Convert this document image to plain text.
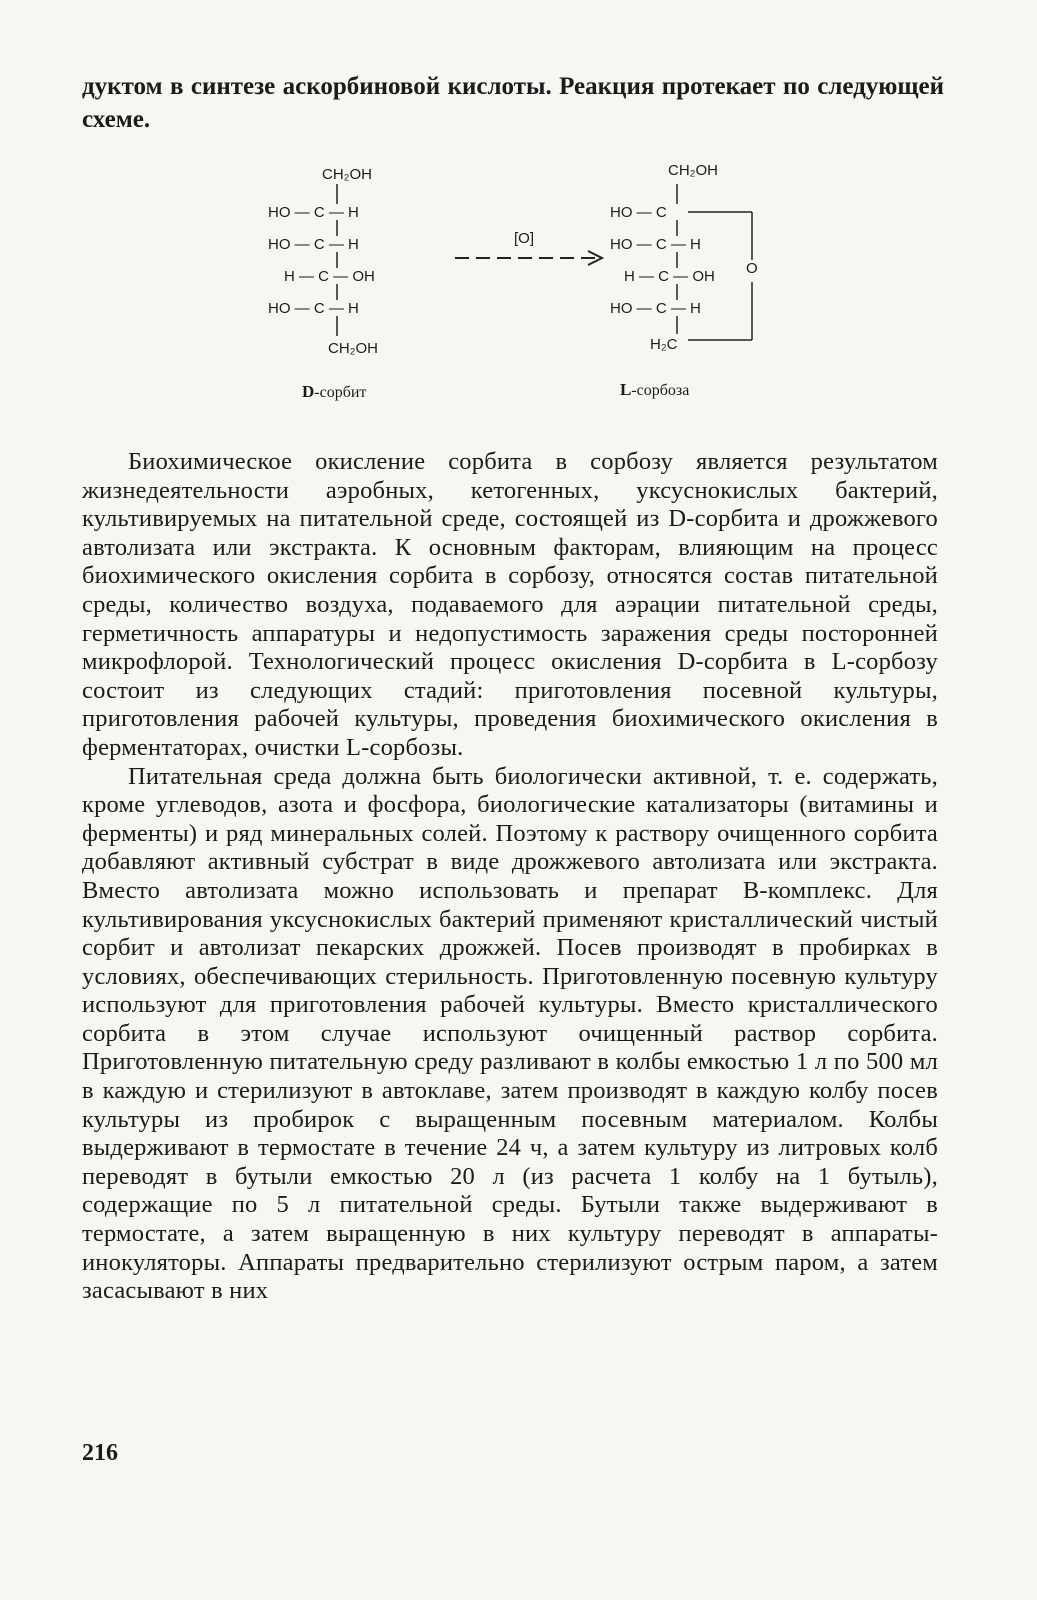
дуктом в синтезе аскорбиновой кислоты. Реакция протекает по следующей схеме.
CH₂OH
HO — C — H
HO — C — H
H — C — OH
HO — C — H
CH₂OH
D-сорбит
[O]
CH₂OH
HO — C
HO — C — H
H — C — OH O
HO — C — H
H₂C
L-сорбоза

Биохимическое окисление сорбита в сорбозу является результатом жизнедеятельности аэробных, кетогенных, уксуснокислых бактерий, культивируемых на питательной среде, состоящей из D-сорбита и дрожжевого автолизата или экстракта. К основным факторам, влияющим на процесс биохимического окисления сорбита в сорбозу, относятся состав питательной среды, количество воздуха, подаваемого для аэрации питательной среды, герметичность аппаратуры и недопустимость заражения среды посторонней микрофлорой. Технологический процесс окисления D-сорбита в L-сорбозу состоит из следующих стадий: приготовления посевной культуры, приготовления рабочей культуры, проведения биохимического окисления в ферментаторах, очистки L-сорбозы.

Питательная среда должна быть биологически активной, т. е. содержать, кроме углеводов, азота и фосфора, биологические катализаторы (витамины и ферменты) и ряд минеральных солей. Поэтому к раствору очищенного сорбита добавляют активный субстрат в виде дрожжевого автолизата или экстракта. Вместо автолизата можно использовать и препарат В-комплекс. Для культивирования уксуснокислых бактерий применяют кристаллический чистый сорбит и автолизат пекарских дрожжей. Посев производят в пробирках в условиях, обеспечивающих стерильность. Приготовленную посевную культуру используют для приготовления рабочей культуры. Вместо кристаллического сорбита в этом случае используют очищенный раствор сорбита. Приготовленную питательную среду разливают в колбы емкостью 1 л по 500 мл в каждую и стерилизуют в автоклаве, затем производят в каждую колбу посев культуры из пробирок с выращенным посевным материалом. Колбы выдерживают в термостате в течение 24 ч, а затем культуру из литровых колб переводят в бутыли емкостью 20 л (из расчета 1 колбу на 1 бутыль), содержащие по 5 л питательной среды. Бутыли также выдерживают в термостате, а затем выращенную в них культуру переводят в аппараты-инокуляторы. Аппараты предварительно стерилизуют острым паром, а затем засасывают в них

216
